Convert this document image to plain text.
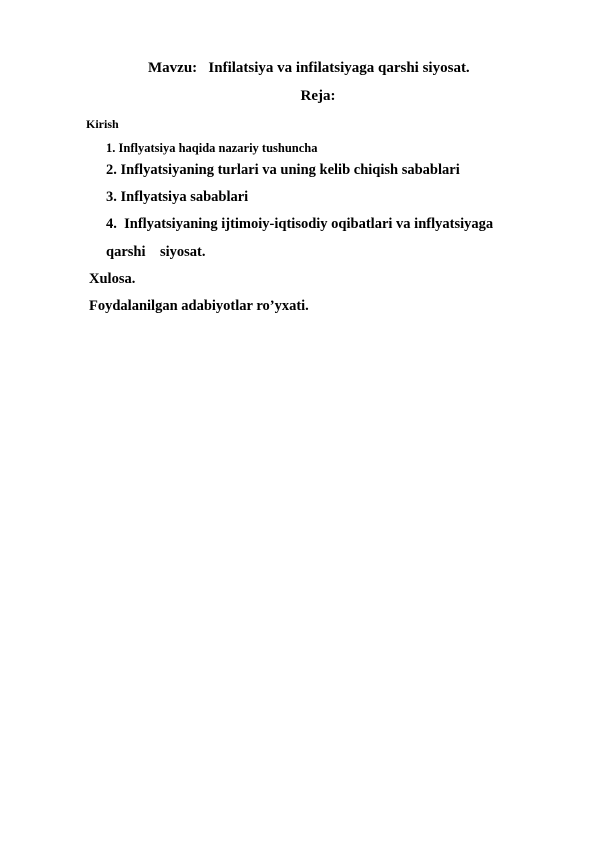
Mavzu:   Infilatsiya va infilatsiyaga qarshi siyosat.
Reja:
Kirish
1. Inflyatsiya haqida nazariy tushuncha
2. Inflyatsiyaning turlari va uning kelib chiqish sabablari
3. Inflyatsiya sabablari
4.  Inflyatsiyaning ijtimoiy-iqtisodiy oqibatlari va inflyatsiyaga
qarshi    siyosat.
Xulosa.
Foydalanilgan adabiyotlar ro’yxati.
